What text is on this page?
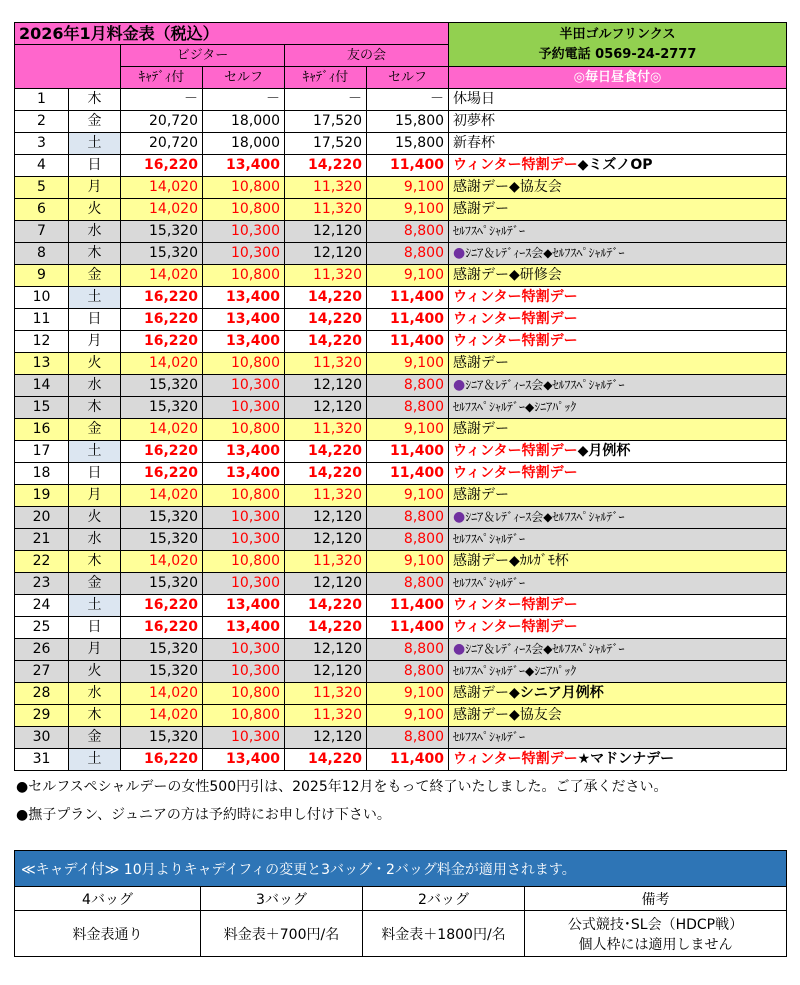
2026年1月料金表（税込）						半田ゴルフリンクス
予約電話 0569-24-2777

		ビジター		友の会		
		ｷｬﾃﾞｨ付	セルフ	ｷｬﾃﾞｨ付	セルフ	◎毎日昼食付◎
1	木	－	－	－	－	休場日
2	金	20,720	18,000	17,520	15,800	初夢杯
3	土	20,720	18,000	17,520	15,800	新春杯
4	日	16,220	13,400	14,220	11,400	ウィンター特割デー◆ミズノOP
5	月	14,020	10,800	11,320	9,100	感謝デー◆協友会
6	火	14,020	10,800	11,320	9,100	感謝デー
7	水	15,320	10,300	12,120	8,800	ｾﾙﾌｽﾍﾟｼｬﾙﾃﾞｰ
8	木	15,320	10,300	12,120	8,800	●ｼﾆｱ＆ﾚﾃﾞｨｰｽ会◆ｾﾙﾌｽﾍﾟｼｬﾙﾃﾞｰ
9	金	14,020	10,800	11,320	9,100	感謝デー◆研修会
10	土	16,220	13,400	14,220	11,400	ウィンター特割デー
11	日	16,220	13,400	14,220	11,400	ウィンター特割デー
12	月	16,220	13,400	14,220	11,400	ウィンター特割デー
13	火	14,020	10,800	11,320	9,100	感謝デー
14	水	15,320	10,300	12,120	8,800	●ｼﾆｱ＆ﾚﾃﾞｨｰｽ会◆ｾﾙﾌｽﾍﾟｼｬﾙﾃﾞｰ
15	木	15,320	10,300	12,120	8,800	ｾﾙﾌｽﾍﾟｼｬﾙﾃﾞｰ◆ｼﾆｱﾊﾟｯｸ
16	金	14,020	10,800	11,320	9,100	感謝デー
17	土	16,220	13,400	14,220	11,400	ウィンター特割デー◆月例杯
18	日	16,220	13,400	14,220	11,400	ウィンター特割デー
19	月	14,020	10,800	11,320	9,100	感謝デー
20	火	15,320	10,300	12,120	8,800	●ｼﾆｱ＆ﾚﾃﾞｨｰｽ会◆ｾﾙﾌｽﾍﾟｼｬﾙﾃﾞｰ
21	水	15,320	10,300	12,120	8,800	ｾﾙﾌｽﾍﾟｼｬﾙﾃﾞｰ
22	木	14,020	10,800	11,320	9,100	感謝デー◆ｶﾙｶﾞﾓ杯
23	金	15,320	10,300	12,120	8,800	ｾﾙﾌｽﾍﾟｼｬﾙﾃﾞｰ
24	土	16,220	13,400	14,220	11,400	ウィンター特割デー
25	日	16,220	13,400	14,220	11,400	ウィンター特割デー
26	月	15,320	10,300	12,120	8,800	●ｼﾆｱ＆ﾚﾃﾞｨｰｽ会◆ｾﾙﾌｽﾍﾟｼｬﾙﾃﾞｰ
27	火	15,320	10,300	12,120	8,800	ｾﾙﾌｽﾍﾟｼｬﾙﾃﾞｰ◆ｼﾆｱﾊﾟｯｸ
28	水	14,020	10,800	11,320	9,100	感謝デー◆シニア月例杯
29	木	14,020	10,800	11,320	9,100	感謝デー◆協友会
30	金	15,320	10,300	12,120	8,800	ｾﾙﾌｽﾍﾟｼｬﾙﾃﾞｰ
31	土	16,220	13,400	14,220	11,400	ウィンター特割デー★マドンナデー
●セルフスペシャルデーの女性500円引は、2025年12月をもって終了いたしました。ご了承ください。
●撫子プラン、ジュニアの方は予約時にお申し付け下さい。
≪キャデイ付≫ 10月よりキャデイフィの変更と3バッグ・2バッグ料金が適用されます。			
4バッグ	3バッグ	2バッグ	備考
料金表通り	料金表＋700円/名	料金表＋1800円/名	公式競技･SL会（HDCP戦）
個人枠には適用しません
